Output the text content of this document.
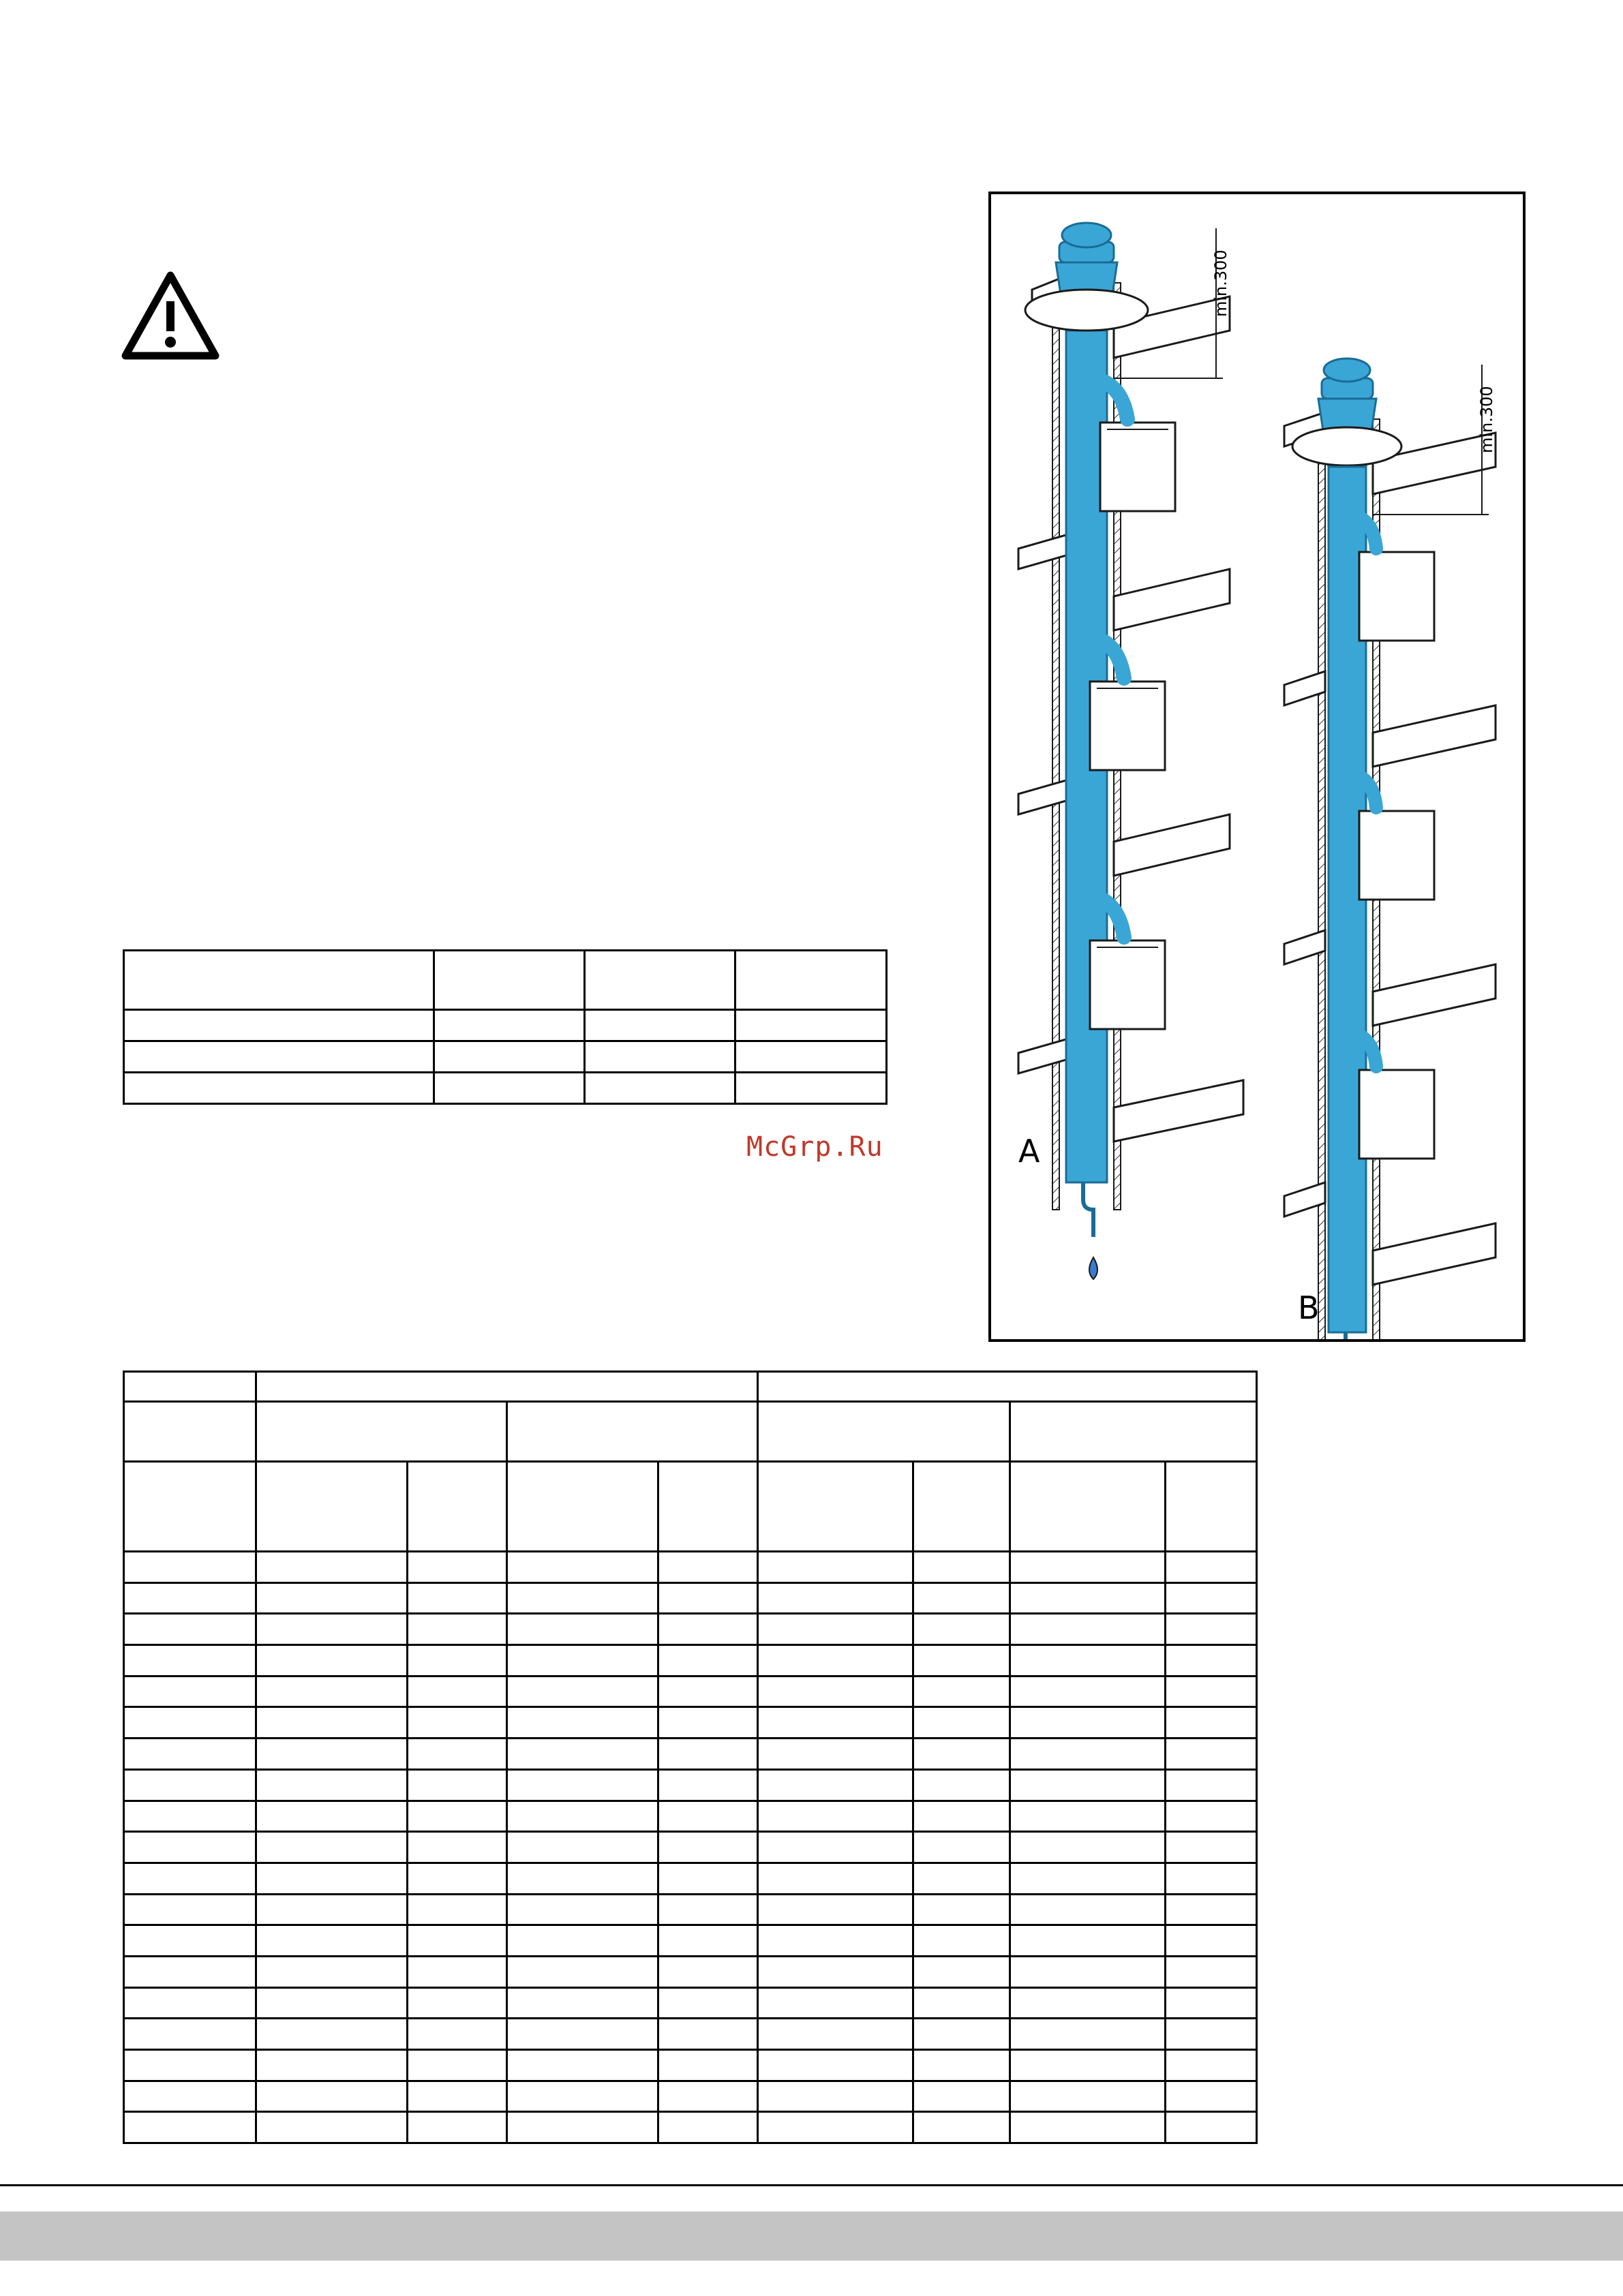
McGrp.Ru
min.300
A
min.300
B
